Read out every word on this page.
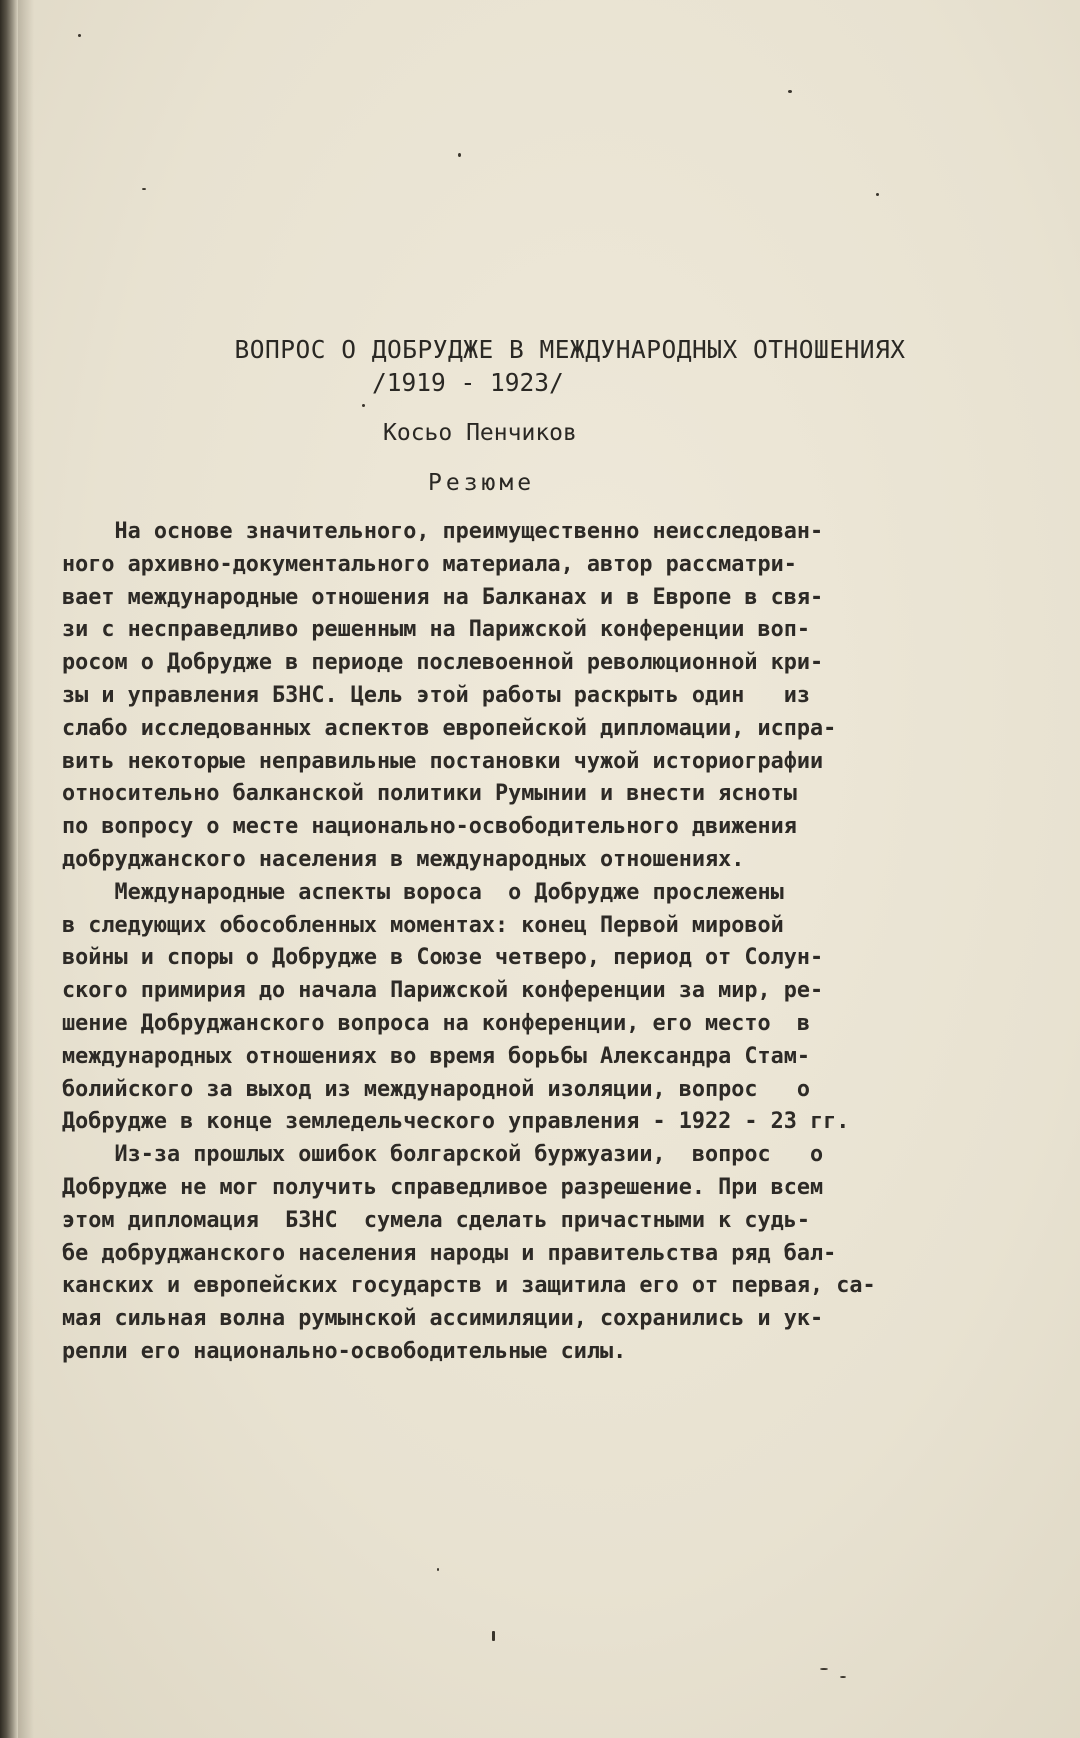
ВОПРОС О ДОБРУДЖЕ В МЕЖДУНАРОДНЫХ ОТНОШЕНИЯХ
/1919 - 1923/
Косьо Пенчиков
Резюме
На основе значительного, преимущественно неисследован-
ного архивно-документального материала, автор рассматри-
вает международные отношения на Балканах и в Европе в свя-
зи с несправедливо решенным на Парижской конференции воп-
росом о Добрудже в периоде послевоенной революционной кри-
зы и управления БЗНС. Цель этой работы раскрыть один   из
слабо исследованных аспектов европейской дипломации, испра-
вить некоторые неправильные постановки чужой историографии
относительно балканской политики Румынии и внести ясноты
по вопросу о месте национально-освободительного движения
добруджанского населения в международных отношениях.
Международные аспекты вороса  о Добрудже прослежены
в следующих обособленных моментах: конец Первой мировой
войны и споры о Добрудже в Союзе четверо, период от Солун-
ского примирия до начала Парижской конференции за мир, ре-
шение Добруджанского вопроса на конференции, его место  в
международных отношениях во время борьбы Александра Стам-
болийского за выход из международной изоляции, вопрос   о
Добрудже в конце земледельческого управления - 1922 - 23 гг.
Из-за прошлых ошибок болгарской буржуазии,  вопрос   о
Добрудже не мог получить справедливое разрешение. При всем
этом дипломация  БЗНС  сумела сделать причастными к судь-
бе добруджанского населения народы и правительства ряд бал-
канских и европейских государств и защитила его от первая, са-
мая сильная волна румынской ассимиляции, сохранились и ук-
репли его национально-освободительные силы.
